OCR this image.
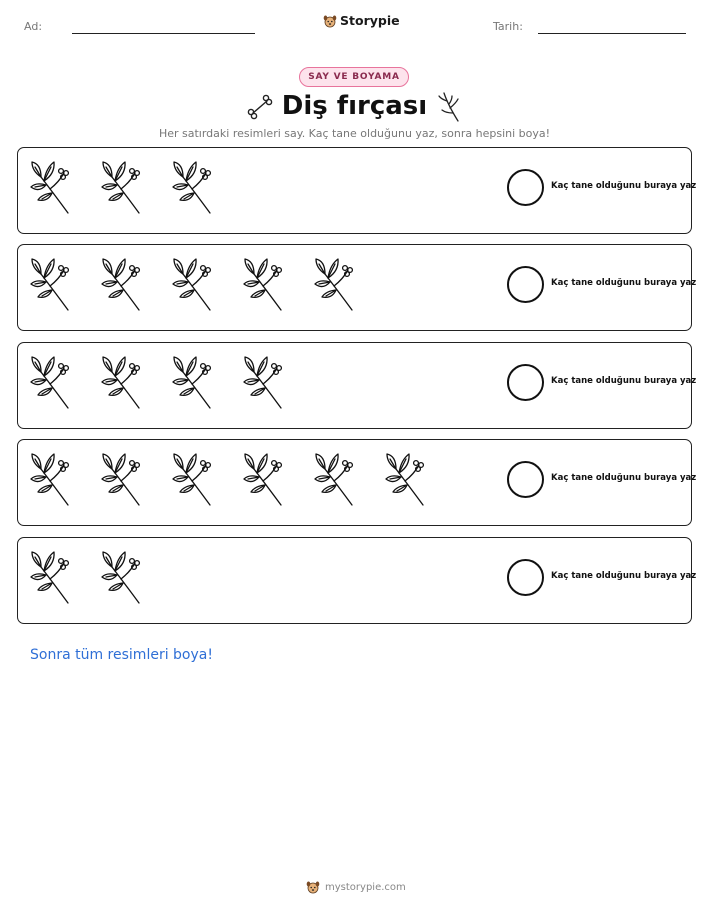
Ad:	Storypie	Tarih:
SAY VE BOYAMA
Diş fırçası
Her satırdaki resimleri say. Kaç tane olduğunu yaz, sonra hepsini boya!
Kaç tane olduğunu buraya yaz
Kaç tane olduğunu buraya yaz
Kaç tane olduğunu buraya yaz
Kaç tane olduğunu buraya yaz
Kaç tane olduğunu buraya yaz
Sonra tüm resimleri boya!
mystorypie.com
